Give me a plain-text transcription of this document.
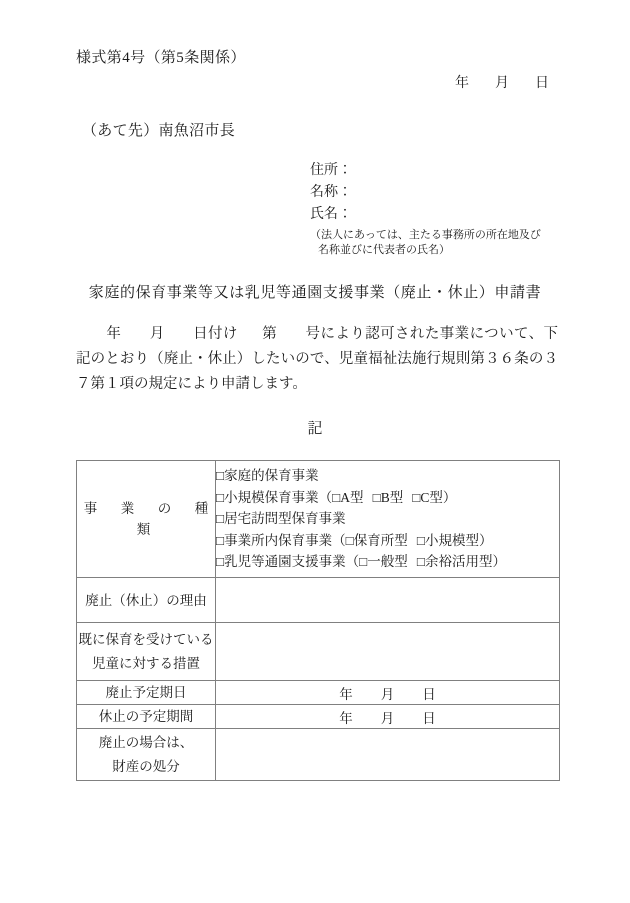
様式第4号（第5条関係）
年 月 日
（あて先）南魚沼市長
住所：
名称：
氏名：
（法人にあっては、主たる事務所の所在地及び
名称並びに代表者の氏名）
家庭的保育事業等又は乳児等通園支援事業（廃止・休止）申請書
年 月 日付け 第 号により認可された事業について、下記のとおり（廃止・休止）したいので、児童福祉法施行規則第３６条の３７第１項の規定により申請します。
記
事　業　の　種　類	□家庭的保育事業
□小規模保育事業（□A型 □B型 □C型）
□居宅訪問型保育事業
□事業所内保育事業（□保育所型 □小規模型）
□乳児等通園支援事業（□一般型 □余裕活用型）

廃止（休止）の理由	

既に保育を受けている
児童に対する措置	

廃止予定期日	年 月 日
休止の予定期間	年 月 日

廃止の場合は、
財産の処分	
